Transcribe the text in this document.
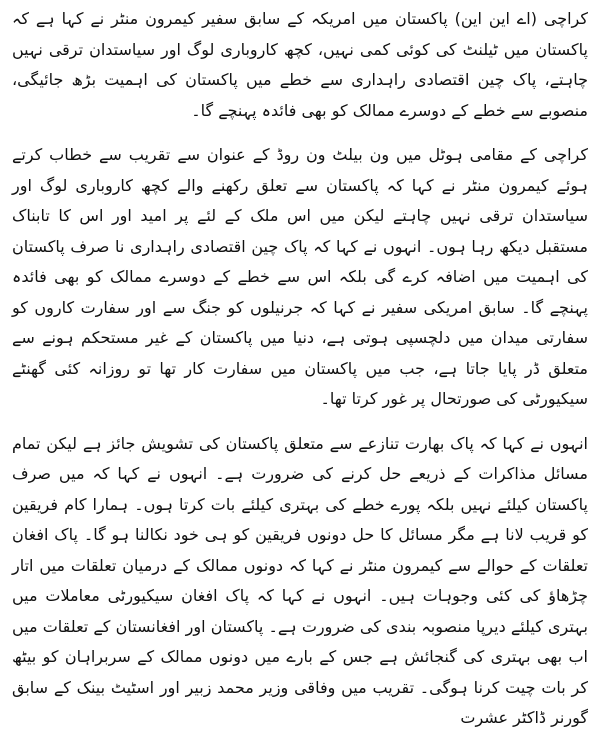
کراچی (اے این این) پاکستان میں امریکہ کے سابق سفیر کیمرون منٹر نے کہا ہے کہ پاکستان میں ٹیلنٹ کی کوئی کمی نہیں، کچھ کاروباری لوگ اور سیاستدان ترقی نہیں چاہتے، پاک چین اقتصادی راہداری سے خطے میں پاکستان کی اہمیت بڑھ جائیگی، منصوبے سے خطے کے دوسرے ممالک کو بھی فائدہ پہنچے گا۔

کراچی کے مقامی ہوٹل میں ون بیلٹ ون روڈ کے عنوان سے تقریب سے خطاب کرتے ہوئے کیمرون منٹر نے کہا کہ پاکستان سے تعلق رکھنے والے کچھ کاروباری لوگ اور سیاستدان ترقی نہیں چاہتے لیکن میں اس ملک کے لئے پر امید اور اس کا تابناک مستقبل دیکھ رہا ہوں۔ انہوں نے کہا کہ پاک چین اقتصادی راہداری نا صرف پاکستان کی اہمیت میں اضافہ کرے گی بلکہ اس سے خطے کے دوسرے ممالک کو بھی فائدہ پہنچے گا۔ سابق امریکی سفیر نے کہا کہ جرنیلوں کو جنگ سے اور سفارت کاروں کو سفارتی میدان میں دلچسپی ہوتی ہے، دنیا میں پاکستان کے غیر مستحکم ہونے سے متعلق ڈر پایا جاتا ہے، جب میں پاکستان میں سفارت کار تھا تو روزانہ کئی گھنٹے سیکیورٹی کی صورتحال پر غور کرتا تھا۔

انہوں نے کہا کہ پاک بھارت تنازعے سے متعلق پاکستان کی تشویش جائز ہے لیکن تمام مسائل مذاکرات کے ذریعے حل کرنے کی ضرورت ہے۔ انہوں نے کہا کہ میں صرف پاکستان کیلئے نہیں بلکہ پورے خطے کی بہتری کیلئے بات کرتا ہوں۔ ہمارا کام فریقین کو قریب لانا ہے مگر مسائل کا حل دونوں فریقین کو ہی خود نکالنا ہو گا۔ پاک افغان تعلقات کے حوالے سے کیمرون منٹر نے کہا کہ دونوں ممالک کے درمیان تعلقات میں اتار چڑھاؤ کی کئی وجوہات ہیں۔ انہوں نے کہا کہ پاک افغان سیکیورٹی معاملات میں بہتری کیلئے دیرپا منصوبہ بندی کی ضرورت ہے۔ پاکستان اور افغانستان کے تعلقات میں اب بھی بہتری کی گنجائش ہے جس کے بارے میں دونوں ممالک کے سربراہان کو بیٹھ کر بات چیت کرنا ہوگی۔ تقریب میں وفاقی وزیر محمد زبیر اور اسٹیٹ بینک کے سابق گورنر ڈاکٹر عشرت
